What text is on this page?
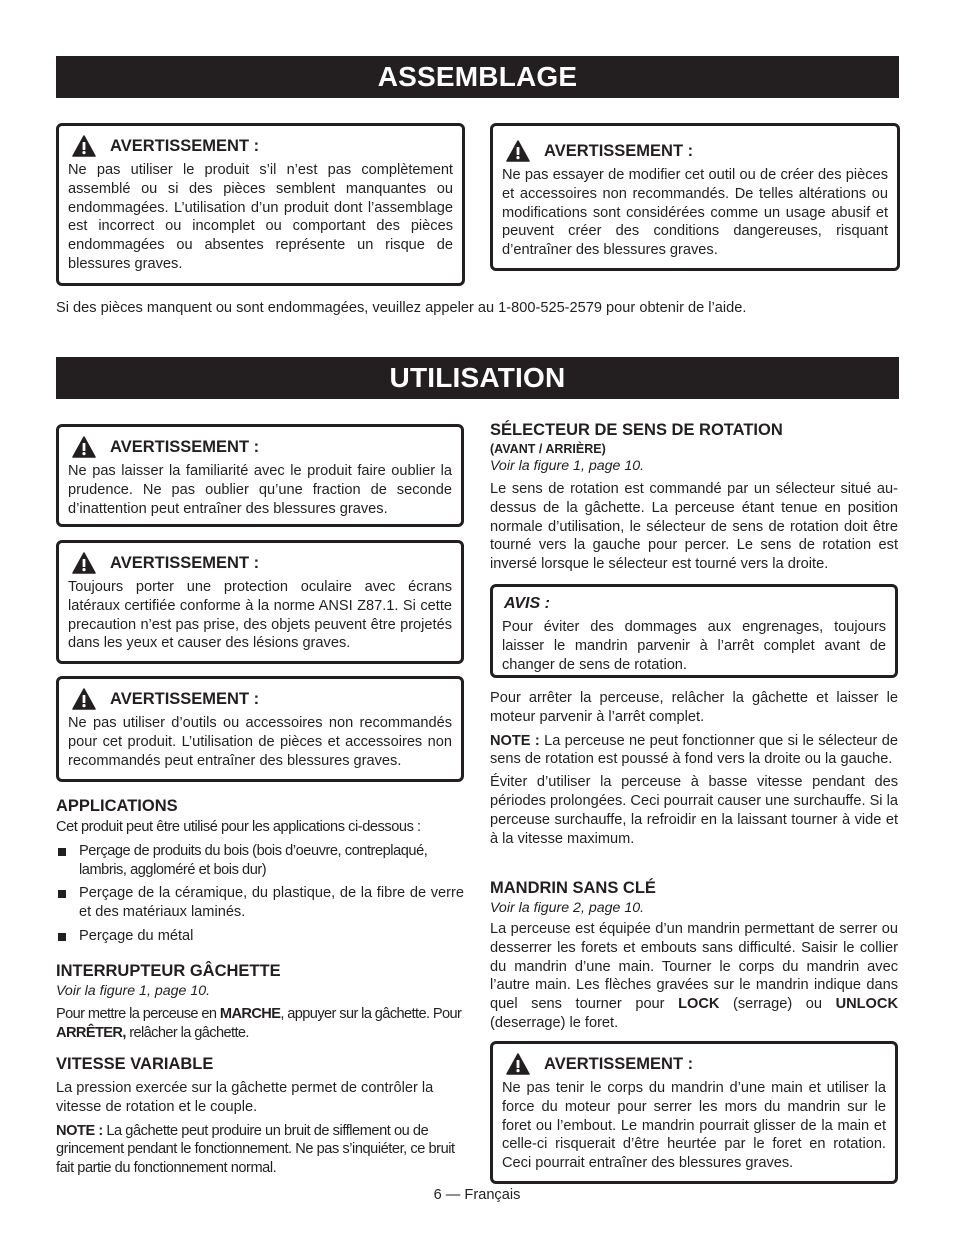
ASSEMBLAGE
AVERTISSEMENT :

Ne pas utiliser le produit s’il n’est pas complètement assemblé ou si des pièces semblent manquantes ou endommagées. L’utilisation d’un produit dont l’assemblage est incorrect ou incomplet ou comportant des pièces endommagées ou absentes représente un risque de blessures graves.

AVERTISSEMENT :

Ne pas essayer de modifier cet outil ou de créer des pièces et accessoires non recommandés. De telles altérations ou modifications sont considérées comme un usage abusif et peuvent créer des conditions dangereuses, risquant d’entraîner des blessures graves.

Si des pièces manquent ou sont endommagées, veuillez appeler au 1-800-525-2579 pour obtenir de l’aide.

UTILISATION
AVERTISSEMENT :

Ne pas laisser la familiarité avec le produit faire oublier la prudence. Ne pas oublier qu’une fraction de seconde d’inattention peut entraîner des blessures graves.

AVERTISSEMENT :

Toujours porter une protection oculaire avec écrans latéraux certifiée conforme à la norme ANSI Z87.1. Si cette precaution n’est pas prise, des objets peuvent être projetés dans les yeux et causer des lésions graves.

AVERTISSEMENT :

Ne pas utiliser d’outils ou accessoires non recommandés pour cet produit. L’utilisation de pièces et accessoires non recommandés peut entraîner des blessures graves.

APPLICATIONS

Cet produit peut être utilisé pour les applications ci-dessous :

Perçage de produits du bois (bois d’oeuvre, contreplaqué, lambris, aggloméré et bois dur)
Perçage de la céramique, du plastique, de la fibre de verre et des matériaux laminés.
Perçage du métal
INTERRUPTEUR GÂCHETTE
Voir la figure 1, page 10.

Pour mettre la perceuse en MARCHE, appuyer sur la gâchette. Pour ARRÊTER, relâcher la gâchette.

VITESSE VARIABLE

La pression exercée sur la gâchette permet de contrôler la vitesse de rotation et le couple.

NOTE : La gâchette peut produire un bruit de sifflement ou de grincement pendant le fonctionnement. Ne pas s’inquiéter, ce bruit fait partie du fonctionnement normal.

SÉLECTEUR DE SENS DE ROTATION
(AVANT / ARRIÈRE)
Voir la figure 1, page 10.

Le sens de rotation est commandé par un sélecteur situé au-dessus de la gâchette. La perceuse étant tenue en position normale d’utilisation, le sélecteur de sens de rotation doit être tourné vers la gauche pour percer. Le sens de rotation est inversé lorsque le sélecteur est tourné vers la droite.

AVIS :

Pour éviter des dommages aux engrenages, toujours laisser le mandrin parvenir à l’arrêt complet avant de changer de sens de rotation.

Pour arrêter la perceuse, relâcher la gâchette et laisser le moteur parvenir à l’arrêt complet.

NOTE : La perceuse ne peut fonctionner que si le sélecteur de sens de rotation est poussé à fond vers la droite ou la gauche.

Éviter d’utiliser la perceuse à basse vitesse pendant des périodes prolongées. Ceci pourrait causer une surchauffe. Si la perceuse surchauffe, la refroidir en la laissant tourner à vide et à la vitesse maximum.

MANDRIN SANS CLÉ
Voir la figure 2, page 10.

La perceuse est équipée d’un mandrin permettant de serrer ou desserrer les forets et embouts sans difficulté. Saisir le collier du mandrin d’une main. Tourner le corps du mandrin avec l’autre main. Les flèches gravées sur le mandrin indique dans quel sens tourner pour LOCK (serrage) ou UNLOCK (deserrage) le foret.

AVERTISSEMENT :

Ne pas tenir le corps du mandrin d’une main et utiliser la force du moteur pour serrer les mors du mandrin sur le foret ou l’embout. Le mandrin pourrait glisser de la main et celle-ci risquerait d’être heurtée par le foret en rotation. Ceci pourrait entraîner des blessures graves.

6 — Français
